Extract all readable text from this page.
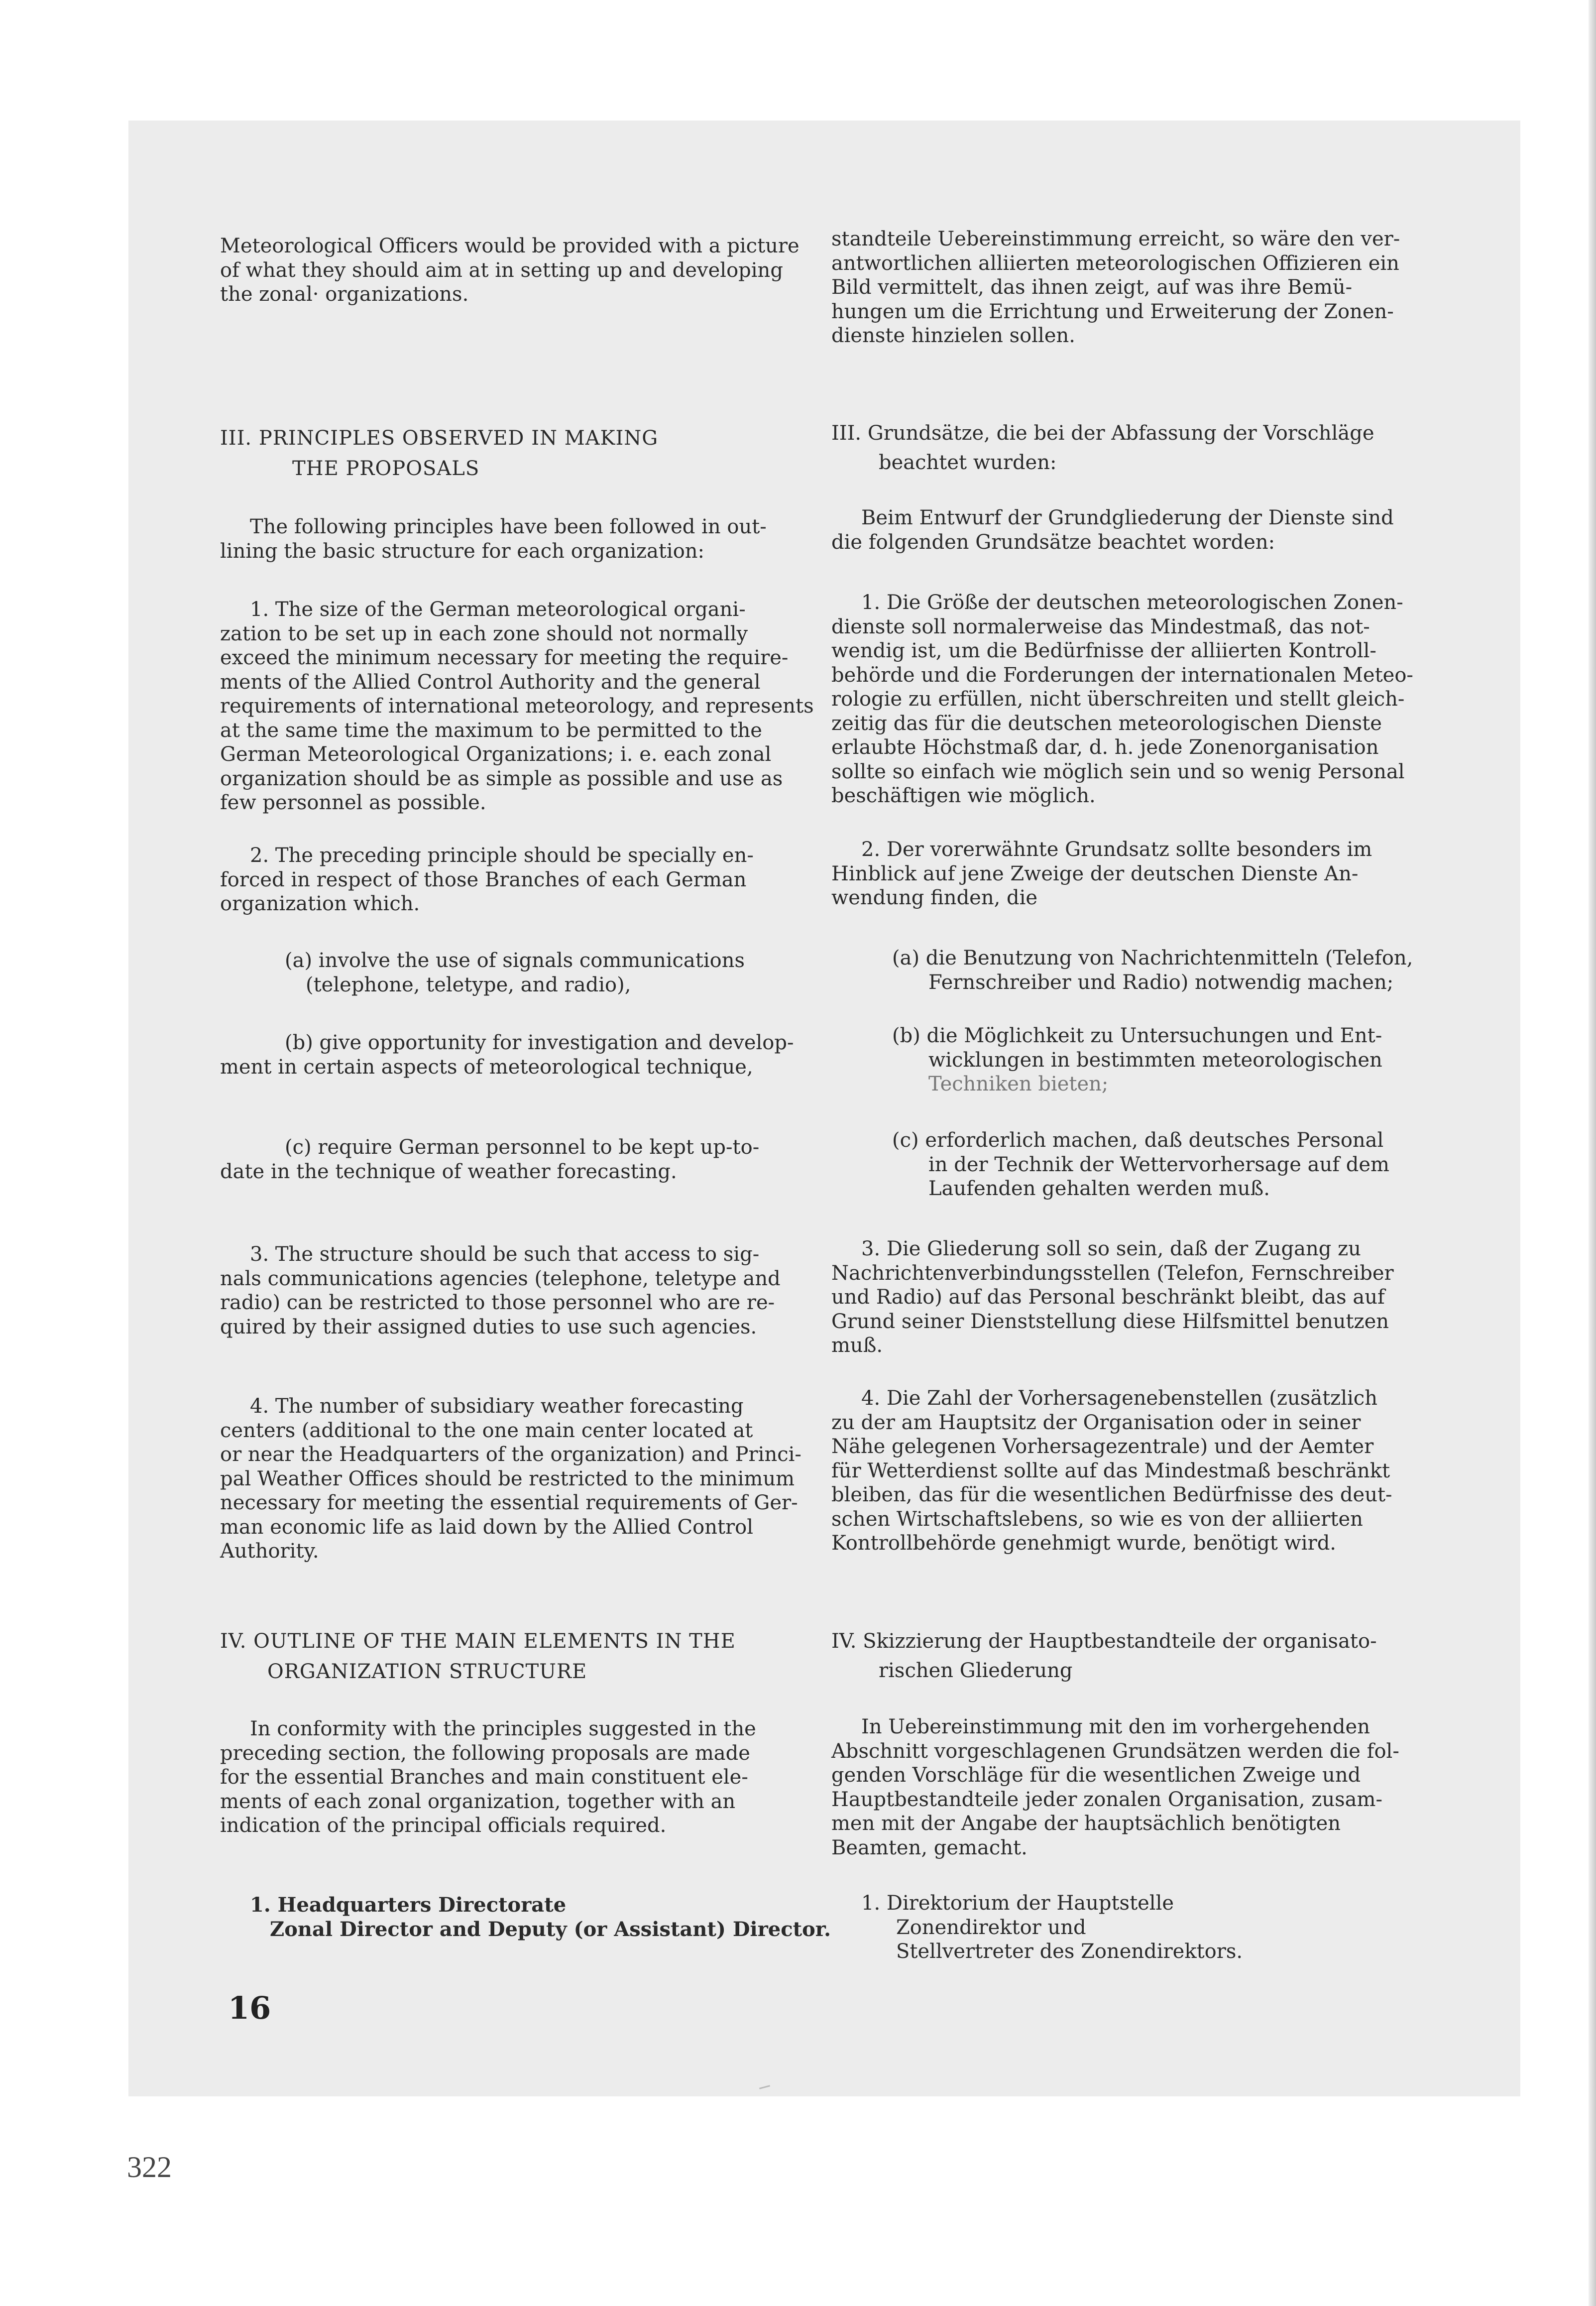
Meteorological Officers would be provided with a picture
of what they should aim at in setting up and developing
the zonal· organizations.
III. PRINCIPLES OBSERVED IN MAKING
THE PROPOSALS
The following principles have been followed in out-
lining the basic structure for each organization:
1. The size of the German meteorological organi-
zation to be set up in each zone should not normally
exceed the minimum necessary for meeting the require-
ments of the Allied Control Authority and the general
requirements of international meteorology, and represents
at the same time the maximum to be permitted to the
German Meteorological Organizations; i. e. each zonal
organization should be as simple as possible and use as
few personnel as possible.
2. The preceding principle should be specially en-
forced in respect of those Branches of each German
organization which.
(a) involve the use of signals communications
(telephone, teletype, and radio),
(b) give opportunity for investigation and develop-
ment in certain aspects of meteorological technique,
(c) require German personnel to be kept up-to-
date in the technique of weather forecasting.
3. The structure should be such that access to sig-
nals communications agencies (telephone, teletype and
radio) can be restricted to those personnel who are re-
quired by their assigned duties to use such agencies.
4. The number of subsidiary weather forecasting
centers (additional to the one main center located at
or near the Headquarters of the organization) and Princi-
pal Weather Offices should be restricted to the minimum
necessary for meeting the essential requirements of Ger-
man economic life as laid down by the Allied Control
Authority.
IV. OUTLINE OF THE MAIN ELEMENTS IN THE
ORGANIZATION STRUCTURE
In conformity with the principles suggested in the
preceding section, the following proposals are made
for the essential Branches and main constituent ele-
ments of each zonal organization, together with an
indication of the principal officials required.
1. Headquarters Directorate
Zonal Director and Deputy (or Assistant) Director.
standteile Uebereinstimmung erreicht, so wäre den ver-
antwortlichen alliierten meteorologischen Offizieren ein
Bild vermittelt, das ihnen zeigt, auf was ihre Bemü-
hungen um die Errichtung und Erweiterung der Zonen-
dienste hinzielen sollen.
III. Grundsätze, die bei der Abfassung der Vorschläge
beachtet wurden:
Beim Entwurf der Grundgliederung der Dienste sind
die folgenden Grundsätze beachtet worden:
1. Die Größe der deutschen meteorologischen Zonen-
dienste soll normalerweise das Mindestmaß, das not-
wendig ist, um die Bedürfnisse der alliierten Kontroll-
behörde und die Forderungen der internationalen Meteo-
rologie zu erfüllen, nicht überschreiten und stellt gleich-
zeitig das für die deutschen meteorologischen Dienste
erlaubte Höchstmaß dar, d. h. jede Zonenorganisation
sollte so einfach wie möglich sein und so wenig Personal
beschäftigen wie möglich.
2. Der vorerwähnte Grundsatz sollte besonders im
Hinblick auf jene Zweige der deutschen Dienste An-
wendung finden, die
(a) die Benutzung von Nachrichtenmitteln (Telefon,
Fernschreiber und Radio) notwendig machen;
(b) die Möglichkeit zu Untersuchungen und Ent-
wicklungen in bestimmten meteorologischen
Techniken bieten;
(c) erforderlich machen, daß deutsches Personal
in der Technik der Wettervorhersage auf dem
Laufenden gehalten werden muß.
3. Die Gliederung soll so sein, daß der Zugang zu
Nachrichtenverbindungsstellen (Telefon, Fernschreiber
und Radio) auf das Personal beschränkt bleibt, das auf
Grund seiner Dienststellung diese Hilfsmittel benutzen
muß.
4. Die Zahl der Vorhersagenebenstellen (zusätzlich
zu der am Hauptsitz der Organisation oder in seiner
Nähe gelegenen Vorhersagezentrale) und der Aemter
für Wetterdienst sollte auf das Mindestmaß beschränkt
bleiben, das für die wesentlichen Bedürfnisse des deut-
schen Wirtschaftslebens, so wie es von der alliierten
Kontrollbehörde genehmigt wurde, benötigt wird.
IV. Skizzierung der Hauptbestandteile der organisato-
rischen Gliederung
In Uebereinstimmung mit den im vorhergehenden
Abschnitt vorgeschlagenen Grundsätzen werden die fol-
genden Vorschläge für die wesentlichen Zweige und
Hauptbestandteile jeder zonalen Organisation, zusam-
men mit der Angabe der hauptsächlich benötigten
Beamten, gemacht.
1. Direktorium der Hauptstelle
Zonendirektor und
Stellvertreter des Zonendirektors.
16
322
